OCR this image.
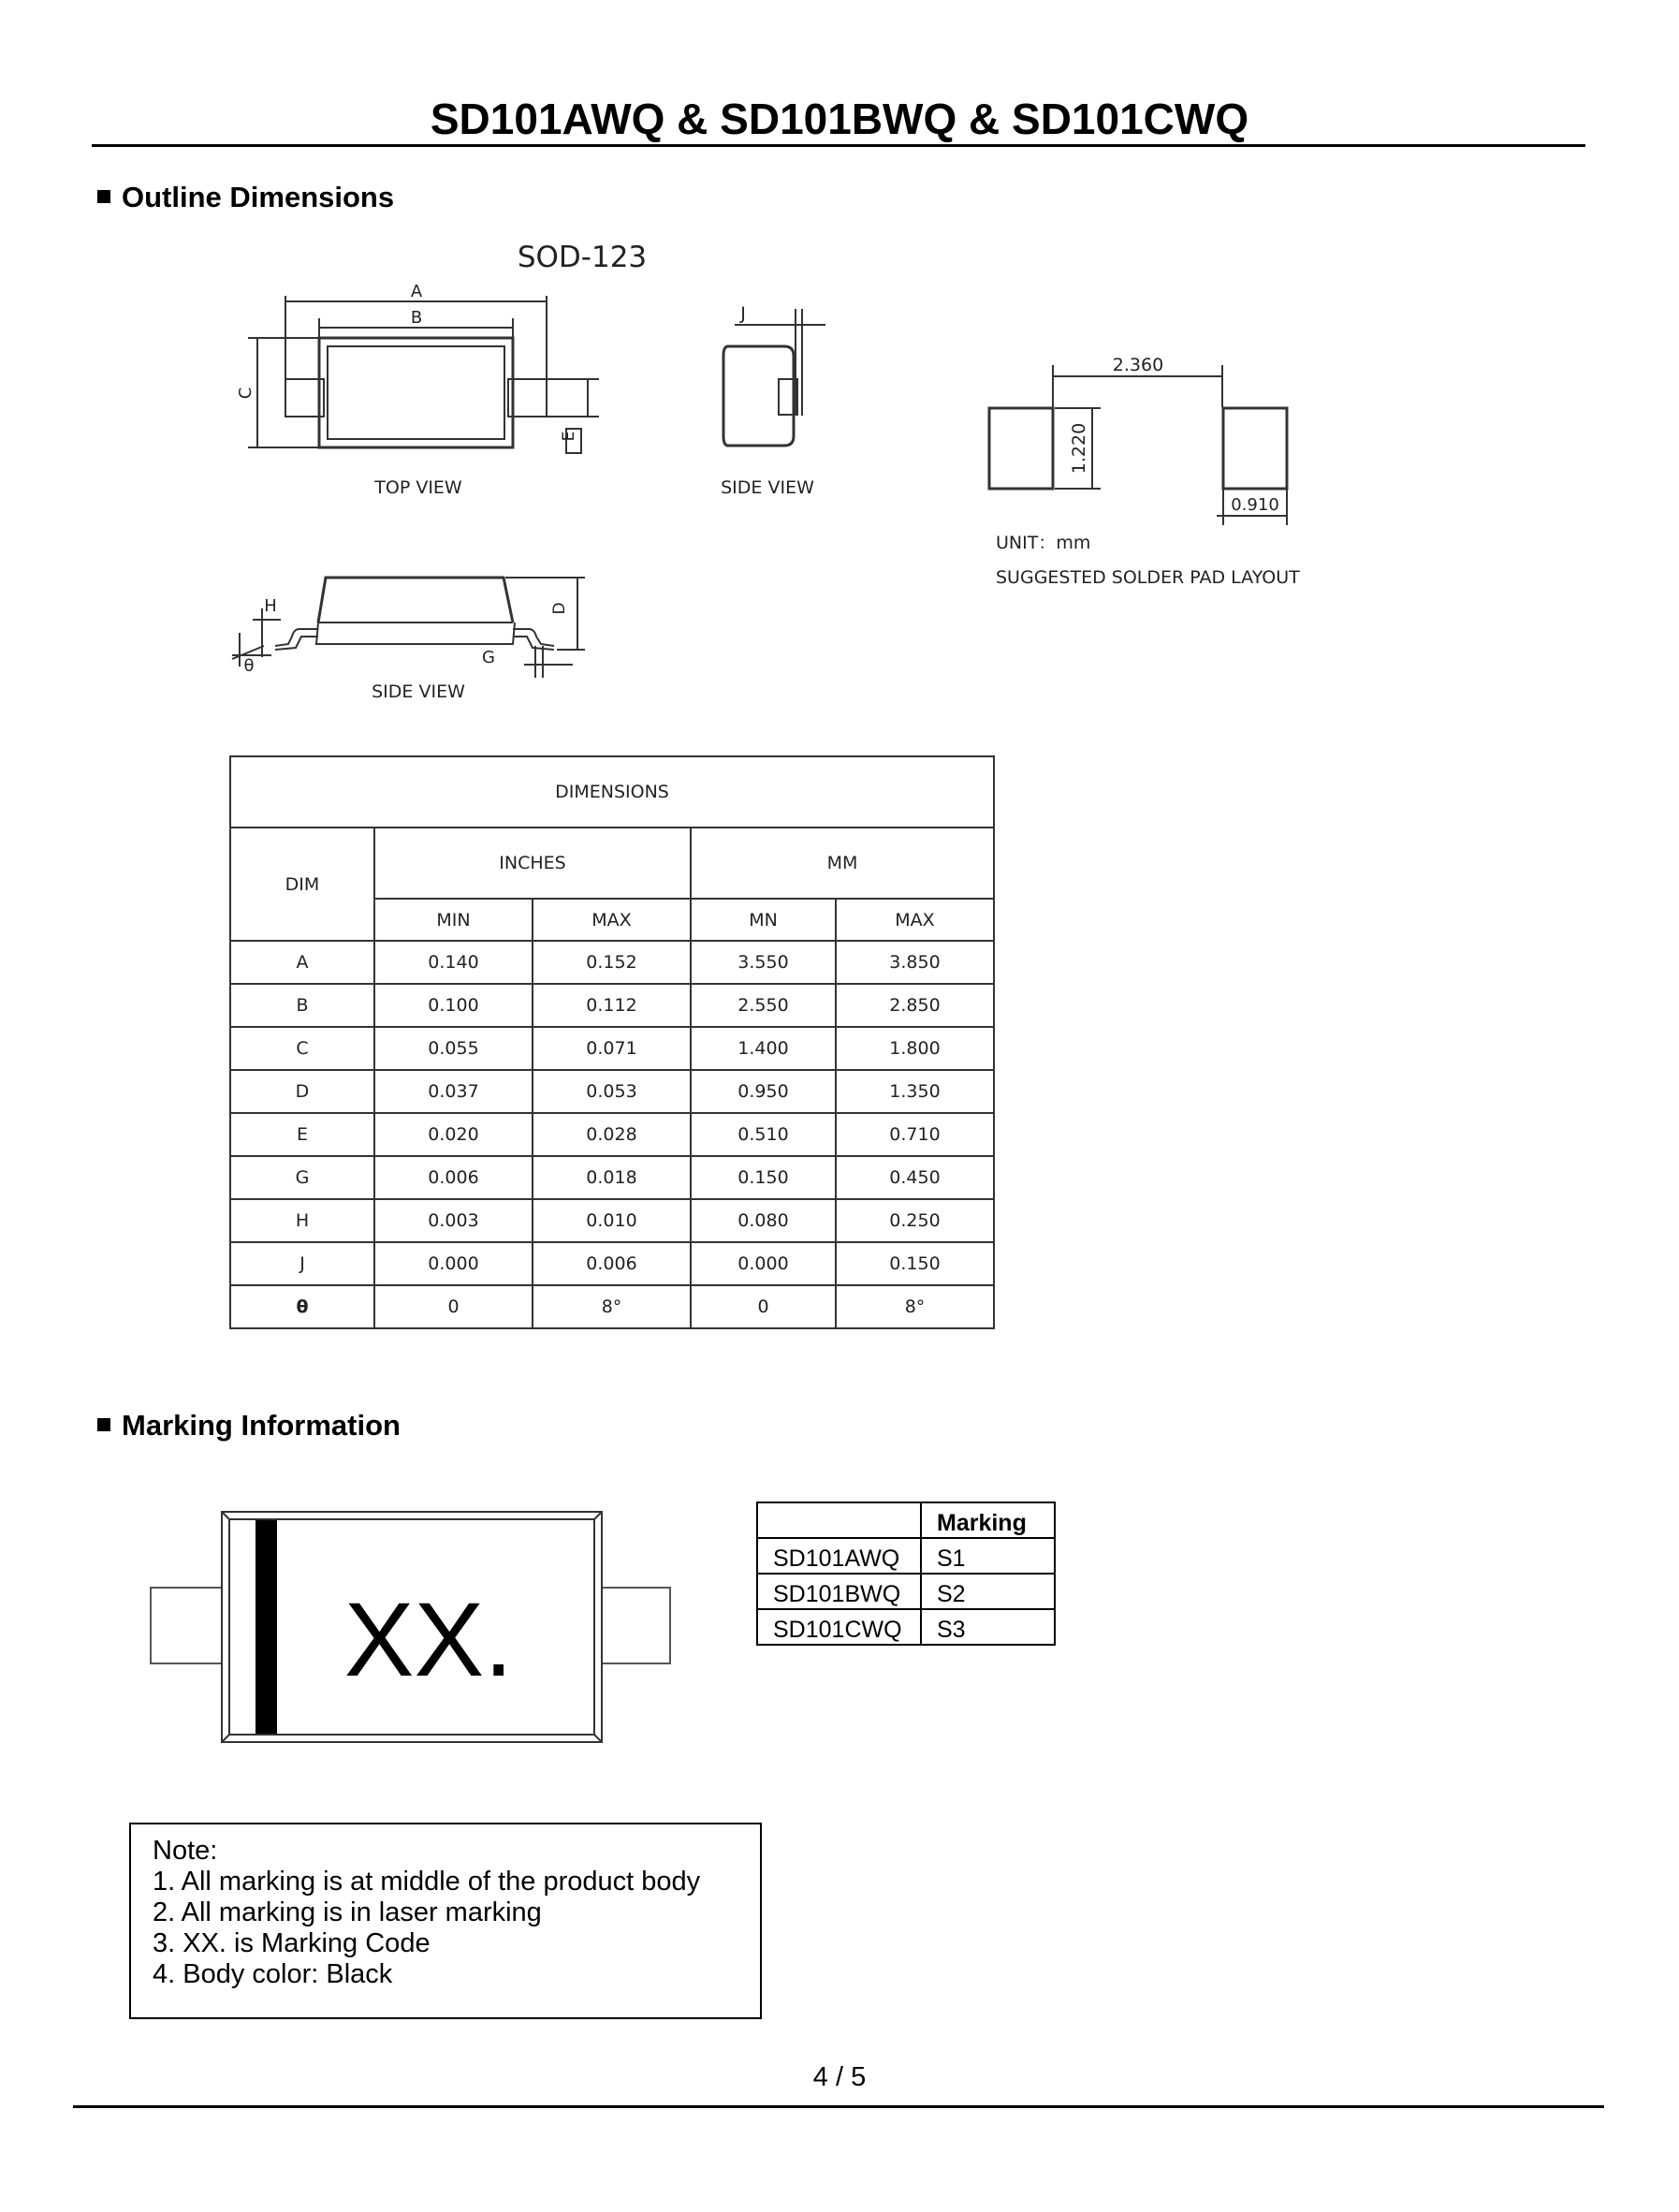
SD101AWQ & SD101BWQ & SD101CWQ
Outline Dimensions
SOD-123
A
B
C
E
TOP VIEW
J
SIDE VIEW
D
G
H
θ
SIDE VIEW
2.360
1.220
0.910
UNIT：mm
SUGGESTED SOLDER PAD LAYOUT
DIMENSIONS				
DIM	INCHES		MM	
	MIN	MAX	MN	MAX
A	0.140	0.152	3.550	3.850
B	0.100	0.112	2.550	2.850
C	0.055	0.071	1.400	1.800
D	0.037	0.053	0.950	1.350
E	0.020	0.028	0.510	0.710
G	0.006	0.018	0.150	0.450
H	0.003	0.010	0.080	0.250
J	0.000	0.006	0.000	0.150
θ	0	8°	0	8°
Marking Information
XX.
	Marking
SD101AWQ	S1
SD101BWQ	S2
SD101CWQ	S3
Note:
1. All marking is at middle of the product body
2. All marking is in laser marking
3. XX. is Marking Code
4. Body color: Black
4 / 5
